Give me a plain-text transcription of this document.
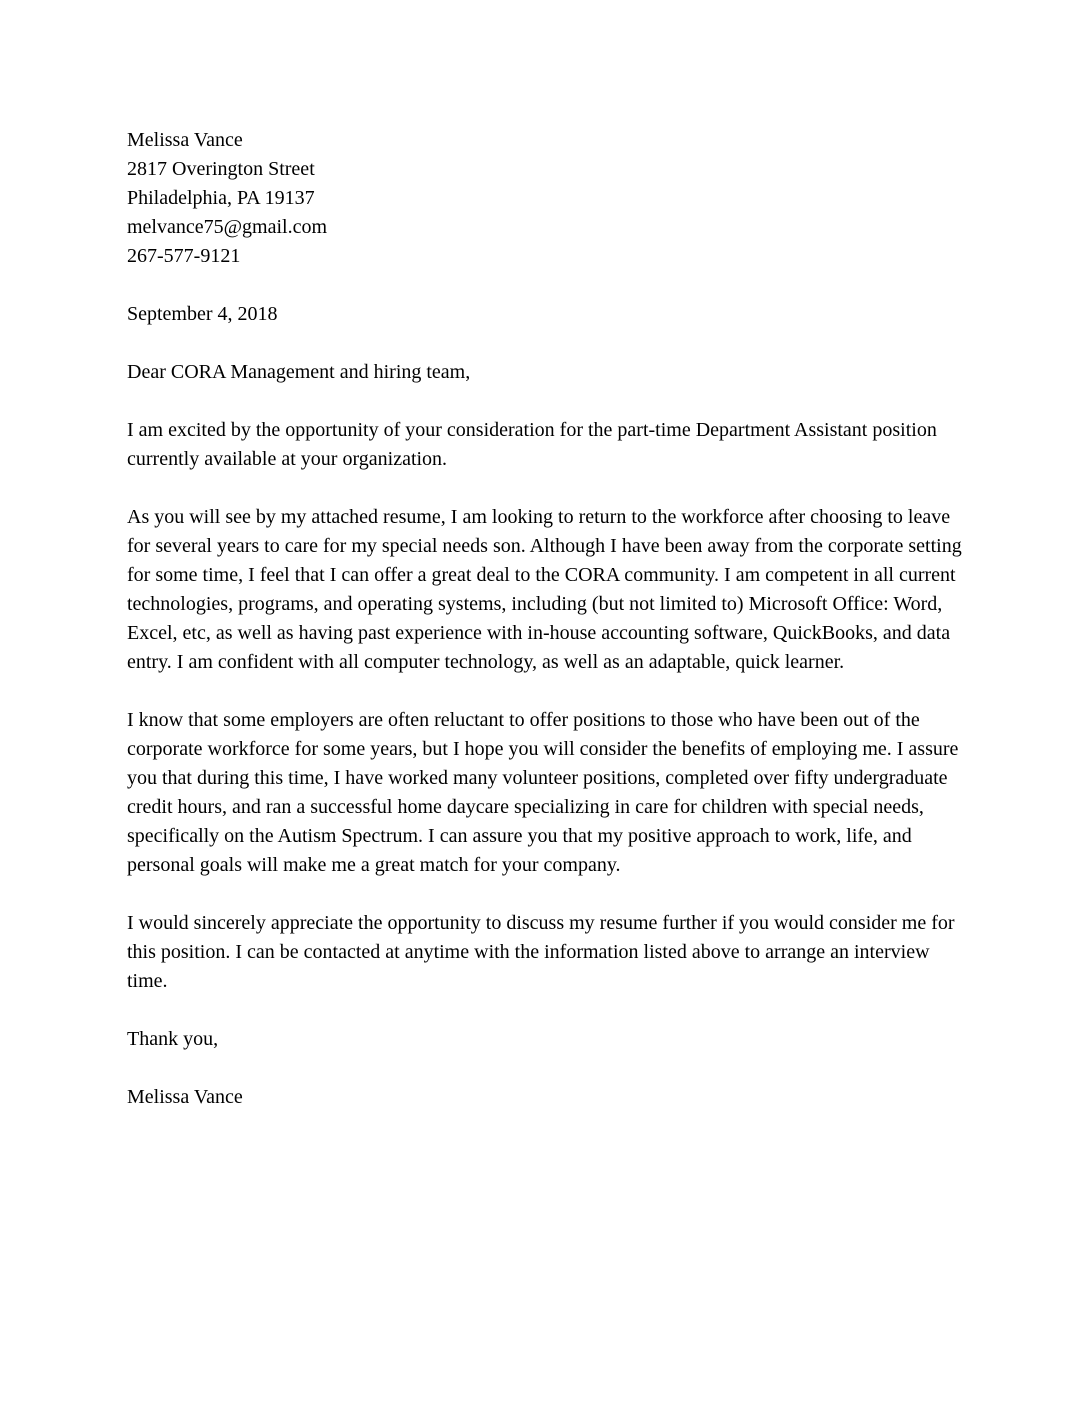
Melissa Vance
2817 Overington Street
Philadelphia, PA 19137
melvance75@gmail.com
267-577-9121
September 4, 2018
Dear CORA Management and hiring team,
I am excited by the opportunity of your consideration for the part-time Department Assistant position currently available at your organization.
As you will see by my attached resume, I am looking to return to the workforce after choosing to leave for several years to care for my special needs son. Although I have been away from the corporate setting for some time, I feel that I can offer a great deal to the CORA community. I am competent in all current technologies, programs, and operating systems, including (but not limited to) Microsoft Office: Word, Excel, etc, as well as having past experience with in-house accounting software, QuickBooks, and data entry. I am confident with all computer technology, as well as an adaptable, quick learner.
I know that some employers are often reluctant to offer positions to those who have been out of the corporate workforce for some years, but I hope you will consider the benefits of employing me. I assure you that during this time, I have worked many volunteer positions, completed over fifty undergraduate credit hours, and ran a successful home daycare specializing in care for children with special needs, specifically on the Autism Spectrum. I can assure you that my positive approach to work, life, and personal goals will make me a great match for your company.
I would sincerely appreciate the opportunity to discuss my resume further if you would consider me for this position. I can be contacted at anytime with the information listed above to arrange an interview time.
Thank you,
Melissa Vance
